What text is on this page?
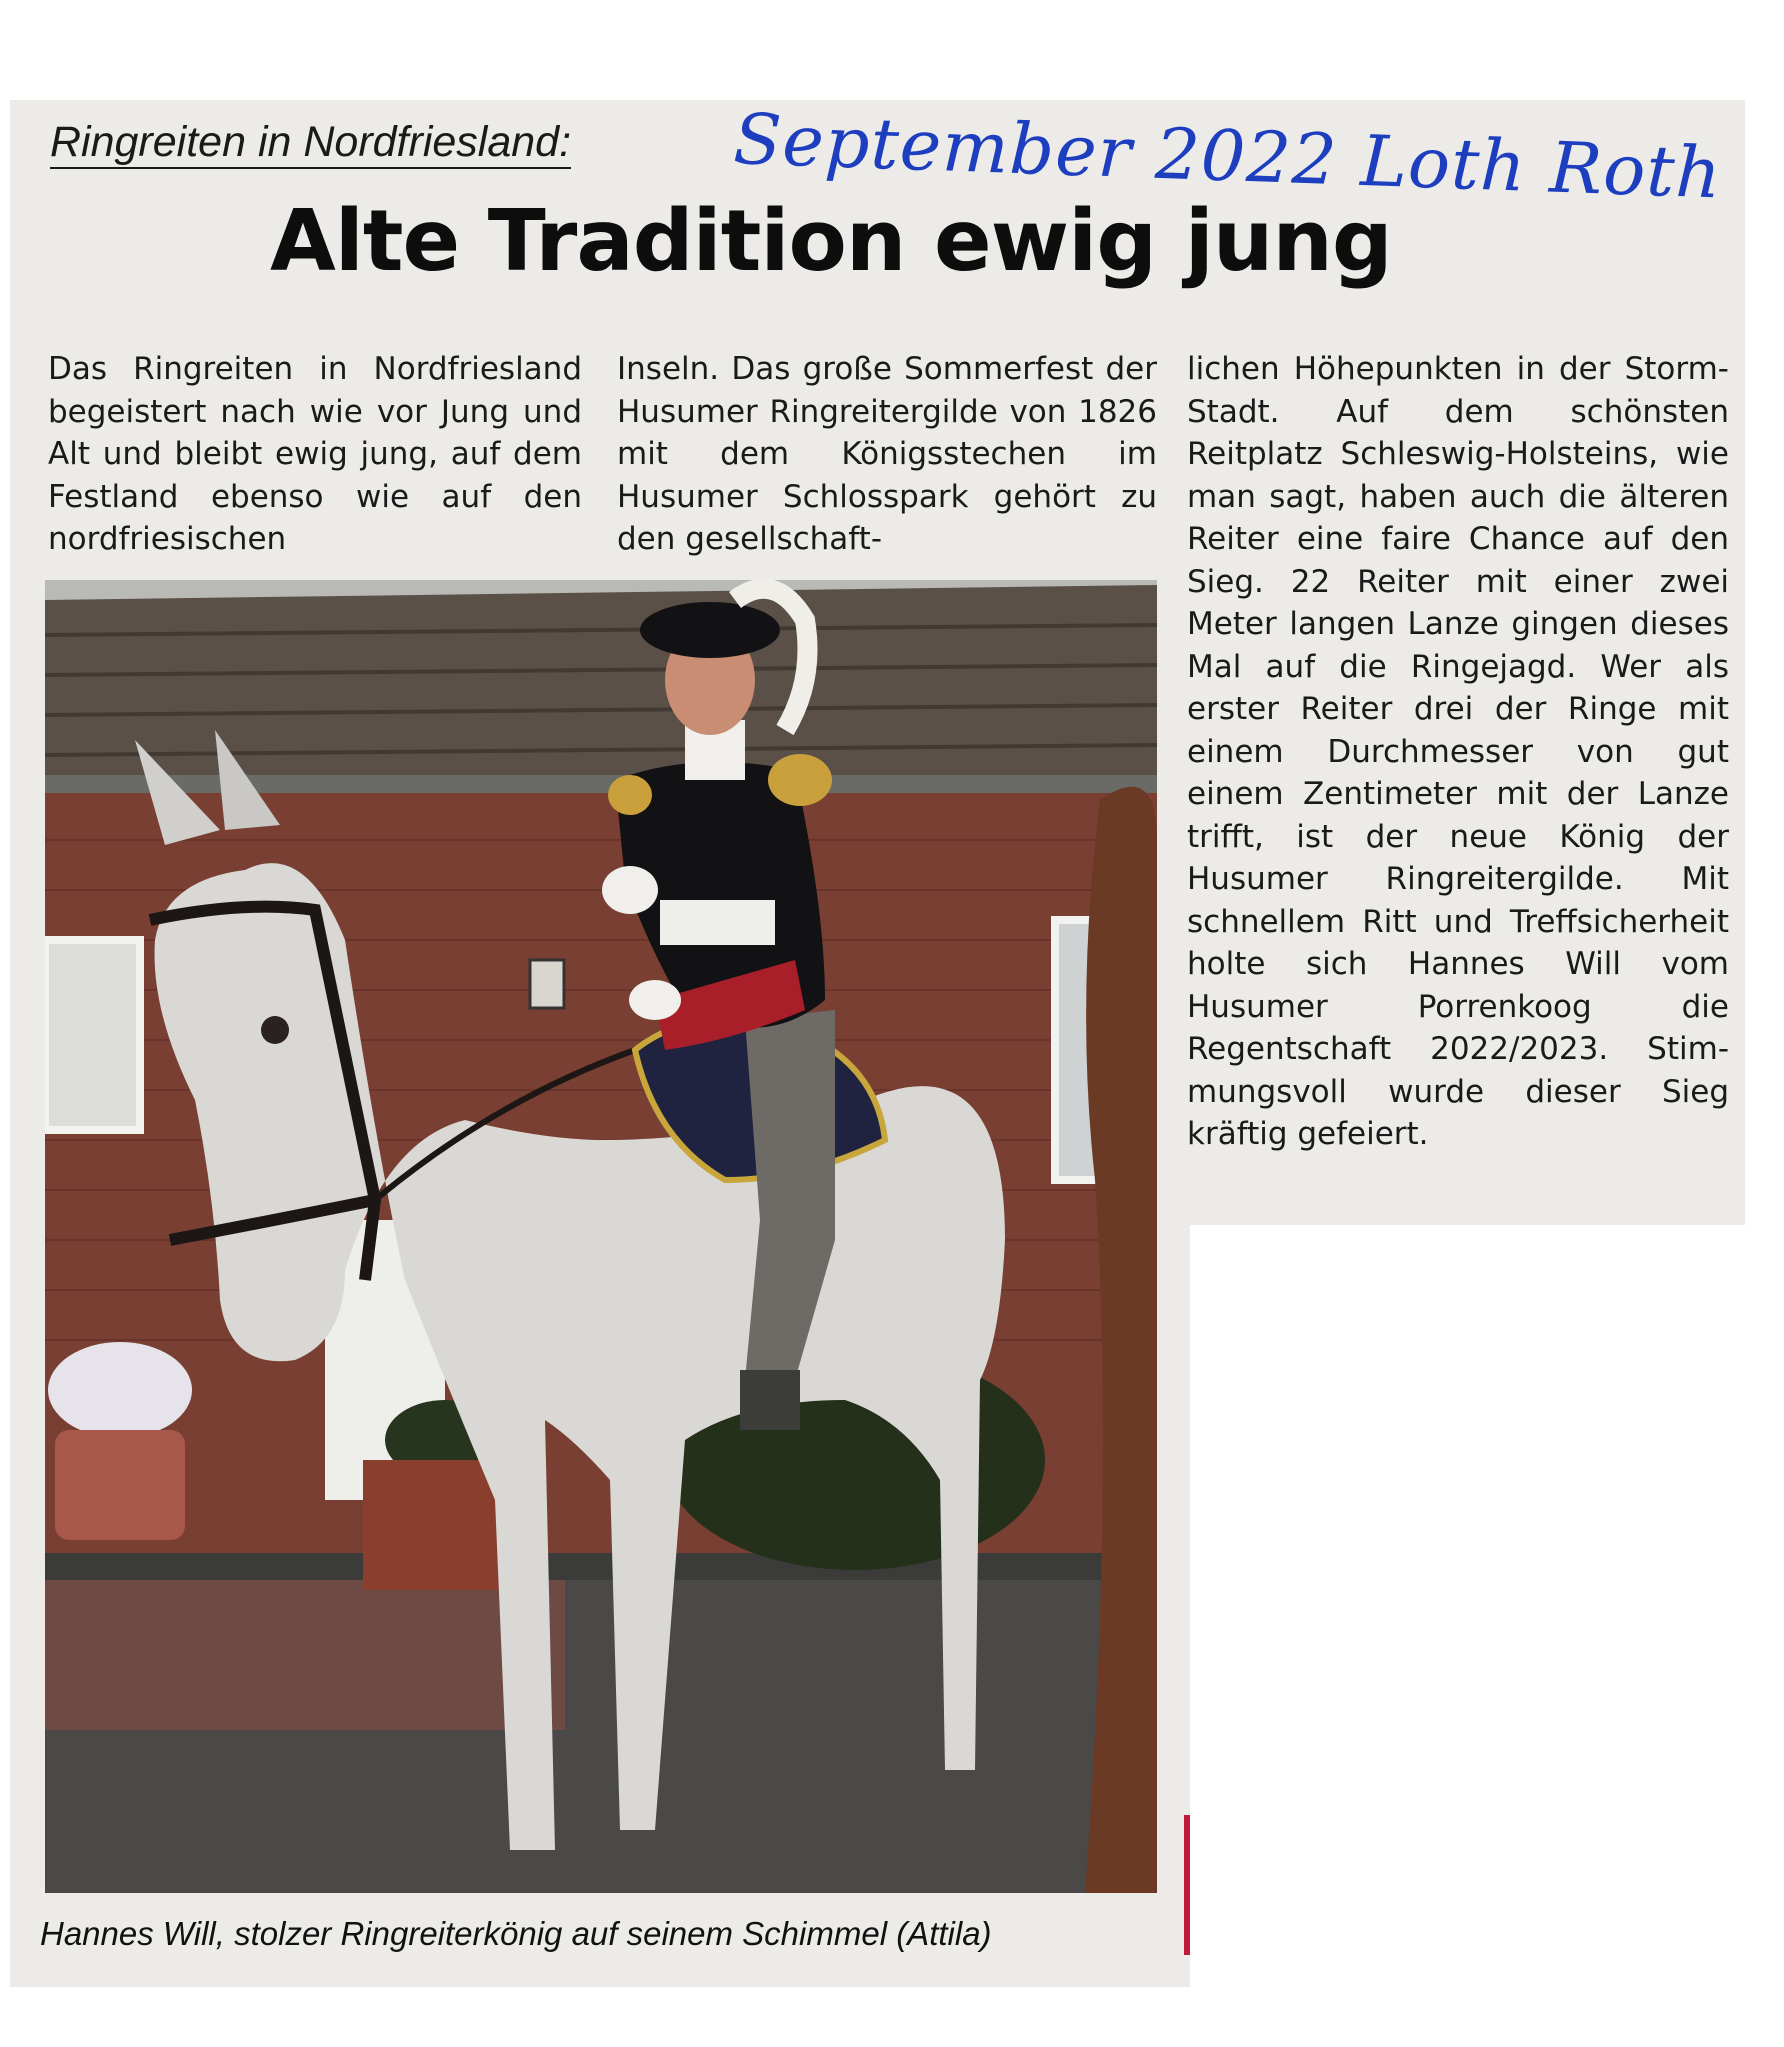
Ringreiten in Nordfriesland: September 2022 Loth Roth
Alte Tradition ewig jung

Das Ringreiten in Nordfriesland begeistert nach wie vor Jung und Alt und bleibt ewig jung, auf dem Festland ebenso wie auf den nordfriesischen

Inseln. Das große Sommerfest der Husumer Ringreitergilde von 1826 mit dem Königsstechen im Husumer Schlosspark gehört zu den gesellschaft-

lichen Höhepunkten in der Storm-Stadt. Auf dem schönsten Reitplatz Schleswig-Holsteins, wie man sagt, haben auch die älteren Reiter eine faire Chance auf den Sieg. 22 Reiter mit einer zwei Meter langen Lanze gingen dieses Mal auf die Ringejagd. Wer als erster Reiter drei der Ringe mit einem Durchmesser von gut einem Zentimeter mit der Lanze trifft, ist der neue König der Husumer Ringreitergilde. Mit schnellem Ritt und Treffsicherheit holte sich Hannes Will vom Husumer Porrenkoog die Regentschaft 2022/2023. Stimmungsvoll wurde dieser Sieg kräftig gefeiert.

Hannes Will, stolzer Ringreiterkönig auf seinem Schimmel (Attila)
